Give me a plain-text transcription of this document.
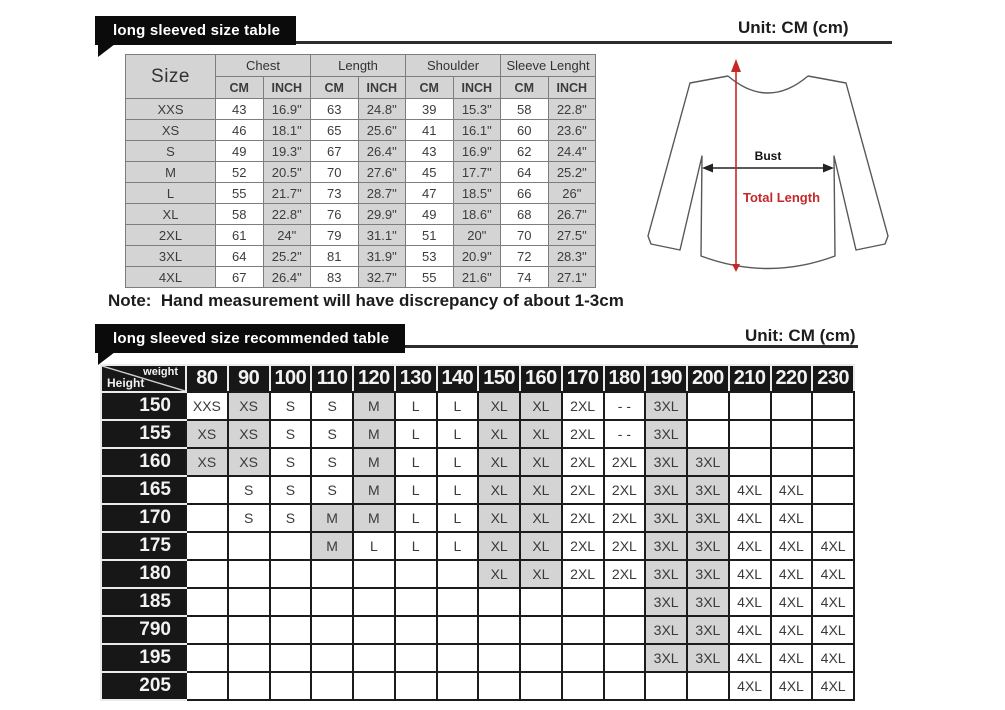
long sleeved size table	Unit: CM (cm)
Size	Chest		Length		Shoulder		Sleeve Lenght	
	CM	INCH	CM	INCH	CM	INCH	CM	INCH
XXS	43	16.9"	63	24.8"	39	15.3"	58	22.8"
XS	46	18.1"	65	25.6"	41	16.1"	60	23.6"
S	49	19.3"	67	26.4"	43	16.9"	62	24.4"
M	52	20.5"	70	27.6"	45	17.7"	64	25.2"
L	55	21.7"	73	28.7"	47	18.5"	66	26"
XL	58	22.8"	76	29.9"	49	18.6"	68	26.7"
2XL	61	24"	79	31.1"	51	20"	70	27.5"
3XL	64	25.2"	81	31.9"	53	20.9"	72	28.3"
4XL	67	26.4"	83	32.7"	55	21.6"	74	27.1"
Note:  Hand measurement will have discrepancy of about 1-3cm
Bust
Total Length
long sleeved size recommended table	Unit: CM (cm)
weight
Height	80	90	100	110	120	130	140	150	160	170	180	190	200	210	220	230
150	XXS	XS	S	S	M	L	L	XL	XL	2XL	- -	3XL				
155	XS	XS	S	S	M	L	L	XL	XL	2XL	- -	3XL				
160	XS	XS	S	S	M	L	L	XL	XL	2XL	2XL	3XL	3XL			
165		S	S	S	M	L	L	XL	XL	2XL	2XL	3XL	3XL	4XL	4XL	
170		S	S	M	M	L	L	XL	XL	2XL	2XL	3XL	3XL	4XL	4XL	
175				M	L	L	L	XL	XL	2XL	2XL	3XL	3XL	4XL	4XL	4XL
180								XL	XL	2XL	2XL	3XL	3XL	4XL	4XL	4XL
185												3XL	3XL	4XL	4XL	4XL
790												3XL	3XL	4XL	4XL	4XL
195												3XL	3XL	4XL	4XL	4XL
205														4XL	4XL	4XL
